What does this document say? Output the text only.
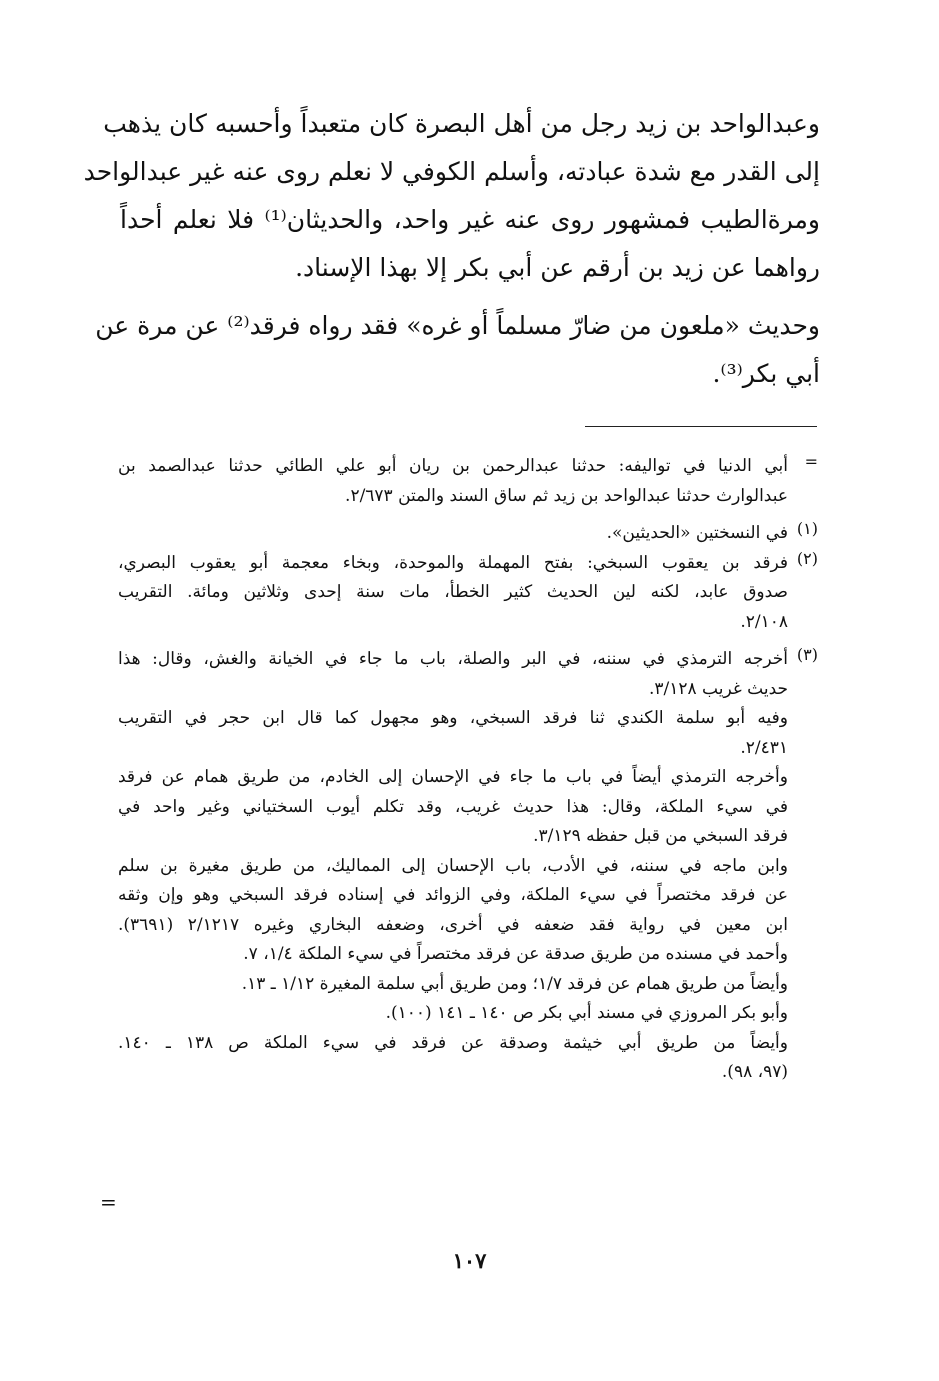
وعبدالواحد بن زيد رجل من أهل البصرة كان متعبداً وأحسبه كان يذهب
إلى القدر مع شدة عبادته، وأسلم الكوفي لا نعلم روى عنه غير عبدالواحد
ومرةالطيب فمشهور روى عنه غير واحد، والحديثان⁽¹⁾ فلا نعلم أحداً
رواهما عن زيد بن أرقم عن أبي بكر إلا بهذا الإسناد.
وحديث «ملعون من ضارّ مسلماً أو غره» فقد رواه فرقد⁽²⁾ عن مرة عن
أبي بكر⁽³⁾.
=
أبي الدنيا في تواليفه: حدثنا عبدالرحمن بن ريان أبو علي الطائي حدثنا عبدالصمد بن
عبدالوارث حدثنا عبدالواحد بن زيد ثم ساق السند والمتن ٢/٦٧٣.
(١)
في النسختين «الحديثين».
(٢)
فرقد بن يعقوب السبخي: بفتح المهملة والموحدة، وبخاء معجمة أبو يعقوب البصري،
صدوق عابد، لكنه لين الحديث كثير الخطأ، مات سنة إحدى وثلاثين ومائة. التقريب
٢/١٠٨.
(٣)
أخرجه الترمذي في سننه، في البر والصلة، باب ما جاء في الخيانة والغش، وقال: هذا
حديث غريب ٣/١٢٨.
وفيه أبو سلمة الكندي ثنا فرقد السبخي، وهو مجهول كما قال ابن حجر في التقريب
٢/٤٣١.
وأخرجه الترمذي أيضاً في باب ما جاء في الإحسان إلى الخادم، من طريق همام عن فرقد
في سيء الملكة، وقال: هذا حديث غريب، وقد تكلم أيوب السختياني وغير واحد في
فرقد السبخي من قبل حفظه ٣/١٢٩.
وابن ماجه في سننه، في الأدب، باب الإحسان إلى المماليك، من طريق مغيرة بن سلم
عن فرقد مختصراً في سيء الملكة، وفي الزوائد في إسناده فرقد السبخي وهو وإن وثقه
ابن معين في رواية فقد ضعفه في أخرى، وضعفه البخاري وغيره ٢/١٢١٧ (٣٦٩١).
وأحمد في مسنده من طريق صدقة عن فرقد مختصراً في سيء الملكة ١/٤، ٧.
وأيضاً من طريق همام عن فرقد ١/٧؛ ومن طريق أبي سلمة المغيرة ١/١٢ ـ ١٣.
وأبو بكر المروزي في مسند أبي بكر ص ١٤٠ ـ ١٤١ (١٠٠).
وأيضاً من طريق أبي خيثمة وصدقة عن فرقد في سيء الملكة ص ١٣٨ ـ ١٤٠.
(٩٧، ٩٨).
=
١٠٧
